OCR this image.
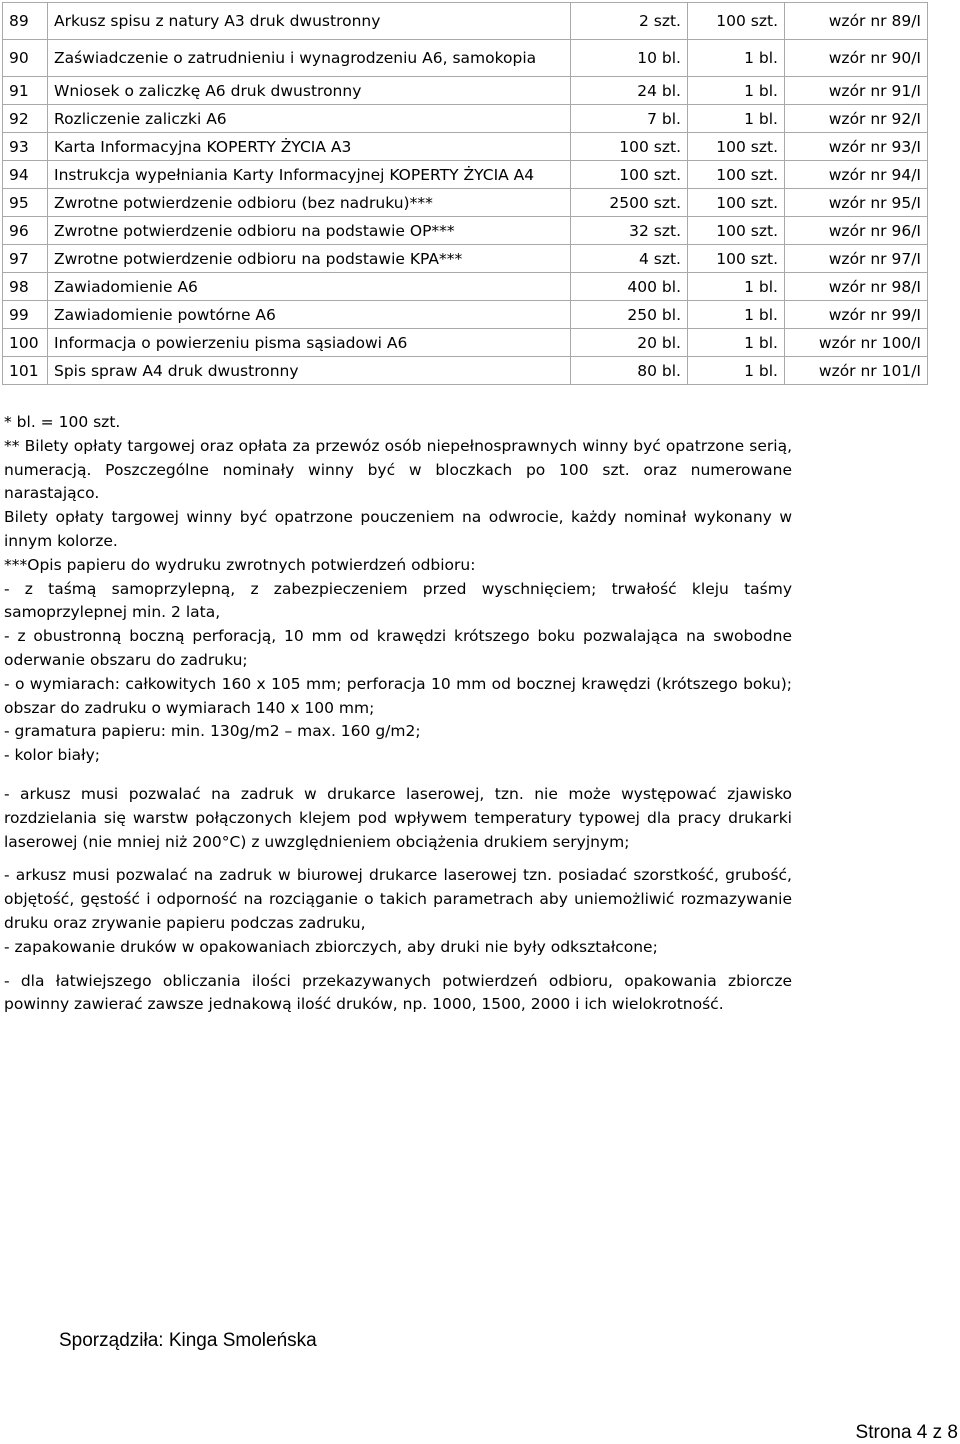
89	Arkusz spisu z natury A3 druk dwustronny	2 szt.	100 szt.	wzór nr 89/I
90	Zaświadczenie o zatrudnieniu i wynagrodzeniu A6, samokopia	10 bl.	1 bl.	wzór nr 90/I
91	Wniosek o zaliczkę A6 druk dwustronny	24 bl.	1 bl.	wzór nr 91/I
92	Rozliczenie zaliczki A6	7 bl.	1 bl.	wzór nr 92/I
93	Karta Informacyjna KOPERTY ŻYCIA A3	100 szt.	100 szt.	wzór nr 93/I
94	Instrukcja wypełniania Karty Informacyjnej KOPERTY ŻYCIA A4	100 szt.	100 szt.	wzór nr 94/I
95	Zwrotne potwierdzenie odbioru (bez nadruku)***	2500 szt.	100 szt.	wzór nr 95/I
96	Zwrotne potwierdzenie odbioru na podstawie OP***	32 szt.	100 szt.	wzór nr 96/I
97	Zwrotne potwierdzenie odbioru na podstawie KPA***	4 szt.	100 szt.	wzór nr 97/I
98	Zawiadomienie A6	400 bl.	1 bl.	wzór nr 98/I
99	Zawiadomienie powtórne A6	250 bl.	1 bl.	wzór nr 99/I
100	Informacja o powierzeniu pisma sąsiadowi A6	20 bl.	1 bl.	wzór nr 100/I
101	Spis spraw A4 druk dwustronny	80 bl.	1 bl.	wzór nr 101/I

* bl. = 100 szt.

** Bilety opłaty targowej oraz opłata za przewóz osób niepełnosprawnych winny być opatrzone serią, numeracją. Poszczególne nominały winny być w bloczkach po 100 szt. oraz numerowane narastająco.

Bilety opłaty targowej winny być opatrzone pouczeniem na odwrocie, każdy nominał wykonany w innym kolorze.

***Opis papieru do wydruku zwrotnych potwierdzeń odbioru:

- z taśmą samoprzylepną, z zabezpieczeniem przed wyschnięciem; trwałość kleju taśmy samoprzylepnej min. 2 lata,

- z obustronną boczną perforacją, 10 mm od krawędzi krótszego boku pozwalająca na swobodne oderwanie obszaru do zadruku;

- o wymiarach: całkowitych 160 x 105 mm; perforacja 10 mm od bocznej krawędzi (krótszego boku); obszar do zadruku o wymiarach 140 x 100 mm;

- gramatura papieru: min. 130g/m2 – max. 160 g/m2;

- kolor biały;

- arkusz musi pozwalać na zadruk w drukarce laserowej, tzn. nie może występować zjawisko rozdzielania się warstw połączonych klejem pod wpływem temperatury typowej dla pracy drukarki laserowej (nie mniej niż 200°C) z uwzględnieniem obciążenia drukiem seryjnym;

- arkusz musi pozwalać na zadruk w biurowej drukarce laserowej tzn. posiadać szorstkość, grubość, objętość, gęstość i odporność na rozciąganie o takich parametrach aby uniemożliwić rozmazywanie druku oraz zrywanie papieru podczas zadruku,

- zapakowanie druków w opakowaniach zbiorczych, aby druki nie były odkształcone;

- dla łatwiejszego obliczania ilości przekazywanych potwierdzeń odbioru, opakowania zbiorcze powinny zawierać zawsze jednakową ilość druków, np. 1000, 1500, 2000 i ich wielokrotność.

Sporządziła: Kinga Smoleńska
Strona 4 z 8
